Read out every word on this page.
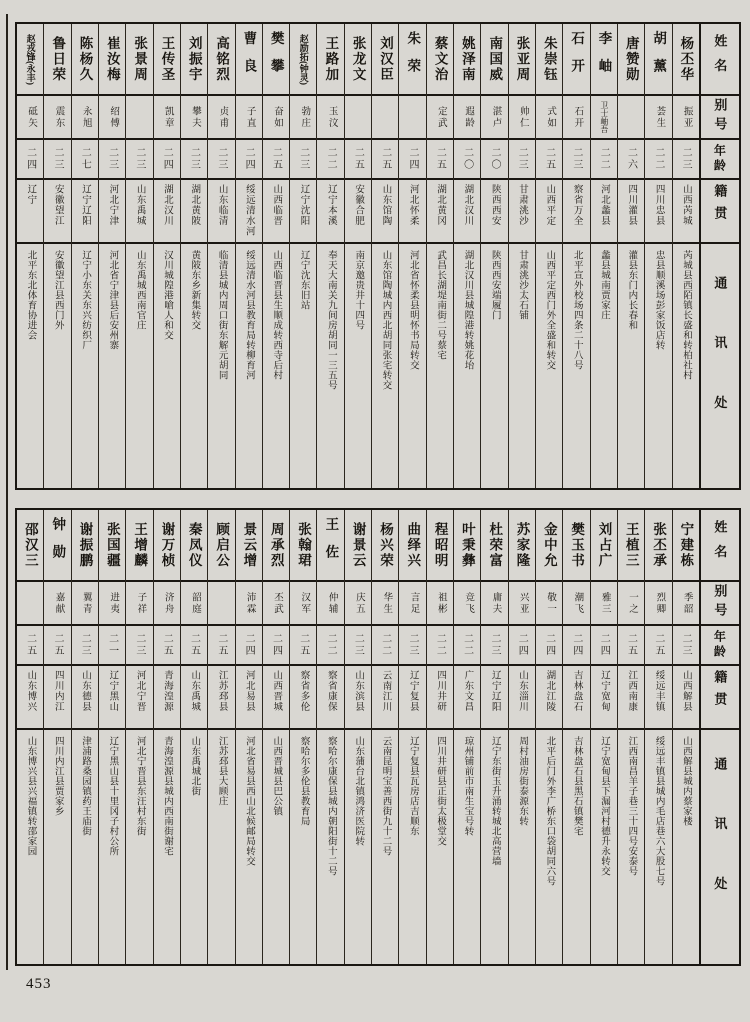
赵戎锋(永丰)
砥矢
二四
辽宁
北平东北体育协进会
鲁日荣
震东
二三
安徽望江
安徽望江县西门外
陈杨久
永旭
二七
辽宁辽阳
辽宁小东关东兴纺织厂
崔汝梅
绍傅
二三
河北宁津
河北省宁津县后安州寨
张景周
二三
山东禹城
山东禹城西南官庄
王传圣
凯章
二四
湖北汉川
汉川城隍港嗆人和交
刘振宇
攀夫
二三
湖北黄陂
黄陂东乡新集转交
高铭烈
贞甫
二三
山东临清
临清县城内周口街东解元胡同
曹良
子直
二四
绥远清水河
绥远清水河县教育局转柳育河
樊攀
奋如
二五
山西临晋
山西临晋县生顺成转西寺后村
赵励拓(钟灵)
勃庄
二三
辽宁沈阳
辽宁沈东旧站
王路加
玉汶
二二
辽宁本溪
奉天大南关九间房胡同一三五号
张龙文
二五
安徽合肥
南京邀贵井十四号
刘汉臣
二五
山东馆陶
山东馆陶城内西北胡同张宅转交
朱荣
二四
河北怀柔
河北省怀柔县明怀书局转交
蔡文治
定武
二五
湖北黄冈
武昌长湖堤南街二号蔡宅
姚泽南
遐龄
二〇
湖北汉川
湖北汉川县城隍港转姚花坮
南国威
湛卢
二〇
陕西西安
陕西西安端履门
张亚周
帅仁
二三
甘肃洮沙
甘肃洮沙太石铺
朱崇钰
式如
二五
山西平定
山西平定西门外全盛和转交
石开
石开
二三
察省万全
北平宣外校场四条二十八号
李岫
卫士岫吾
二二
河北蠡县
蠡县城南贾家庄
唐赞勋
二六
四川灌县
灌县东门内长春和
胡薰
荟生
二二
四川忠县
忠县顺溪场彭家饭店转
杨丕华
振亚
二三
山西芮城
芮城县西陌镇长盛和转柏社村
姓名
别号
年龄
籍贯
通讯处
邵汉三
二五
山东博兴
山东博兴县兴福镇转邵家园
钟勋
嘉献
二五
四川内江
四川内江县贾家乡
谢振鹏
翼青
二三
山东德县
津浦路桑园镇药王庙街
张国疆
进夷
二一
辽宁黑山
辽宁黑山县十里冈子村公所
王增麟
子祥
二三
河北宁晋
河北宁晋县东汪村东街
谢万桢
济舟
二五
青海湟源
青海湟源县城内西南街谢宅
秦凤仪
韶庭
二五
山东禹城
山东禹城北街
顾启公
二五
江苏邳县
江苏邳县大顾庄
景云增
沛霖
二四
河北易县
河北省易县西山北候邮局转交
周承烈
丕武
二四
山西晋城
山西晋城县巴公镇
张翰珺
汉军
二五
察省多伦
察哈尔多伦县教育局
王佐
仲辅
二二
察省康保
察哈尔康保县城内朝阳街十二号
谢景云
庆五
二三
山东滨县
山东蒲台北镇鸿济医院转
杨兴荣
华生
二二
云南江川
云南昆明宝善西街九十二号
曲绎兴
言足
二三
辽宁复县
辽宁复县瓦房店吉顺东
程昭明
祖彬
二二
四川井研
四川井研县正街太极堂交
叶秉彝
竞飞
二二
广东文昌
琼州铺前市南生宝号转
杜荣富
庸夫
二三
辽宁辽阳
辽宁东街玉升涌转城北高营墙
苏家隆
兴亚
二四
山东淄川
周村油房街泰源东转
金中允
敬一
二四
湖北江陵
北平后门外李广桥东口袋胡同六号
樊玉书
潮飞
二四
吉林盘石
吉林盘石县黑石镇樊宅
刘占广
雅三
二四
辽宁宽甸
辽宁宽甸县下漏河村德升永转交
王植三
一之
二五
江西南康
江西南昌羊子巷三十四号安泰号
张丕承
烈卿
二五
绥远丰镇
绥远丰镇县城内毛店巷六大股七号
宁建栋
季韶
二三
山西解县
山西解县城内蔡家楼
姓名
别号
年龄
籍贯
通讯处
453
